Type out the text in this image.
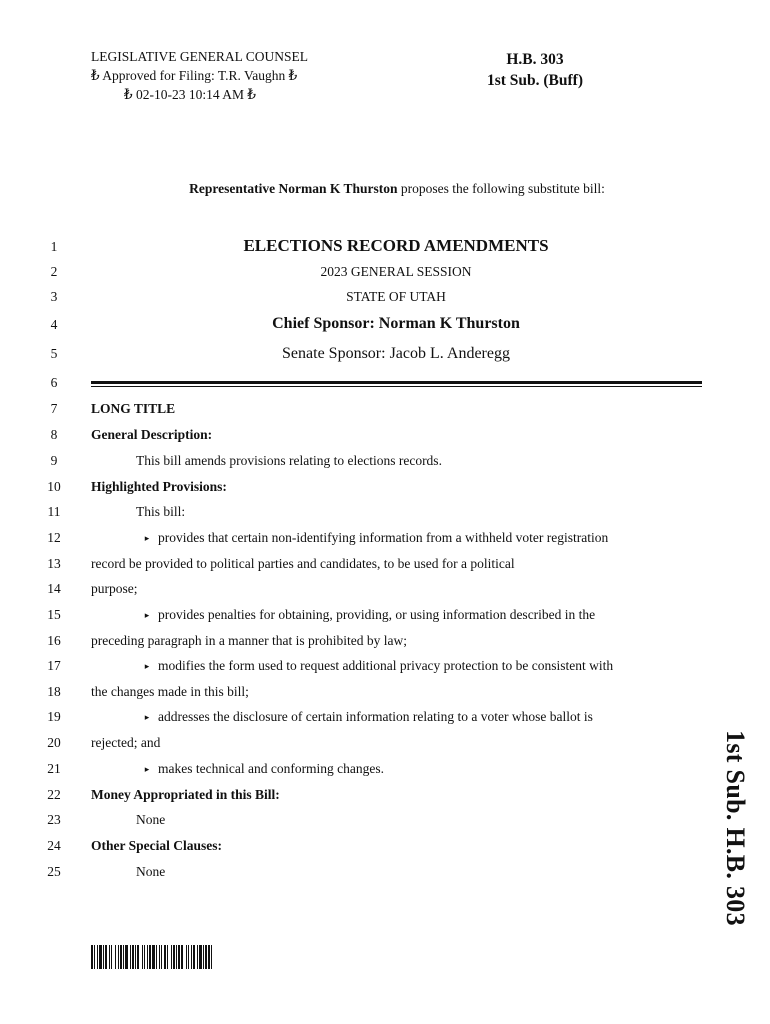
LEGISLATIVE GENERAL COUNSEL
₺ Approved for Filing: T.R. Vaughn ₺
₺ 02-10-23 10:14 AM ₺
H.B. 303
1st Sub. (Buff)
Representative Norman K Thurston proposes the following substitute bill:
1	ELECTIONS RECORD AMENDMENTS
2	2023 GENERAL SESSION
3	STATE OF UTAH
4	Chief Sponsor: Norman K Thurston
5	Senate Sponsor: Jacob L. Anderegg
6
7	LONG TITLE
8	General Description:
9	This bill amends provisions relating to elections records.
10	Highlighted Provisions:
11	This bill:
12	▸ provides that certain non-identifying information from a withheld voter registration
13	record be provided to political parties and candidates, to be used for a political
14	purpose;
15	▸ provides penalties for obtaining, providing, or using information described in the
16	preceding paragraph in a manner that is prohibited by law;
17	▸ modifies the form used to request additional privacy protection to be consistent with
18	the changes made in this bill;
19	▸ addresses the disclosure of certain information relating to a voter whose ballot is
20	rejected; and
21	▸ makes technical and conforming changes.
22	Money Appropriated in this Bill:
23	None
24	Other Special Clauses:
25	None	1st Sub. H.B. 303
